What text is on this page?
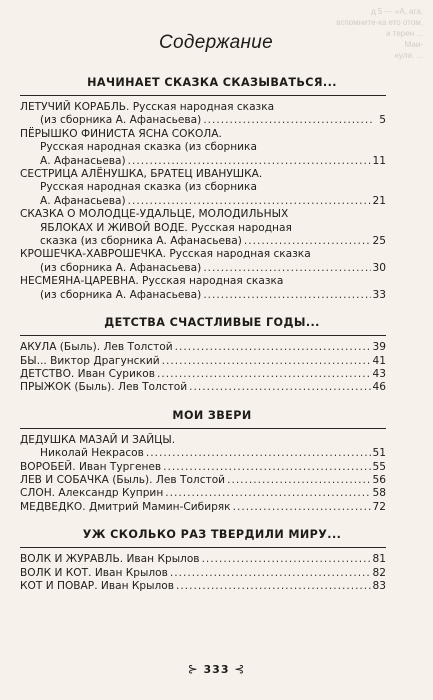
д 5 — «А, ага, вспомните-ка ето отом,
и терен ...
Маи-
нули. ...
Содержание
НАЧИНАЕТ СКАЗКА СКАЗЫВАТЬСЯ...
ЛЕТУЧИЙ КОРАБЛЬ. Русская народная сказка
(из сборника А. Афанасьева) .....	5
ПЁРЫШКО ФИНИСТА ЯСНА СОКОЛА.
Русская народная сказка (из сборника
А. Афанасьева) .....	11
СЕСТРИЦА АЛЁНУШКА, БРАТЕЦ ИВАНУШКА.
Русская народная сказка (из сборника
А. Афанасьева) .....	21
СКАЗКА О МОЛОДЦЕ-УДАЛЬЦЕ, МОЛОДИЛЬНЫХ
ЯБЛОКАХ И ЖИВОЙ ВОДЕ. Русская народная
сказка (из сборника А. Афанасьева) .....	25
КРОШЕЧКА-ХАВРОШЕЧКА. Русская народная сказка
(из сборника А. Афанасьева) .....	30
НЕСМЕЯНА-ЦАРЕВНА. Русская народная сказка
(из сборника А. Афанасьева) .....	33
ДЕТСТВА СЧАСТЛИВЫЕ ГОДЫ...
АКУЛА (Быль). Лев Толстой .....	39
БЫ... Виктор Драгунский .....	41
ДЕТСТВО. Иван Суриков .....	43
ПРЫЖОК (Быль). Лев Толстой .....	46
МОИ ЗВЕРИ
ДЕДУШКА МАЗАЙ И ЗАЙЦЫ.
Николай Некрасов .....	51
ВОРОБЕЙ. Иван Тургенев .....	55
ЛЕВ И СОБАЧКА (Быль). Лев Толстой .....	56
СЛОН. Александр Куприн .....	58
МЕДВЕДКО. Дмитрий Мамин-Сибиряк .....	72
УЖ СКОЛЬКО РАЗ ТВЕРДИЛИ МИРУ...
ВОЛК И ЖУРАВЛЬ. Иван Крылов .....	81
ВОЛК И КОТ. Иван Крылов .....	82
КОТ И ПОВАР. Иван Крылов .....	83
⊱ 333 ⊰
